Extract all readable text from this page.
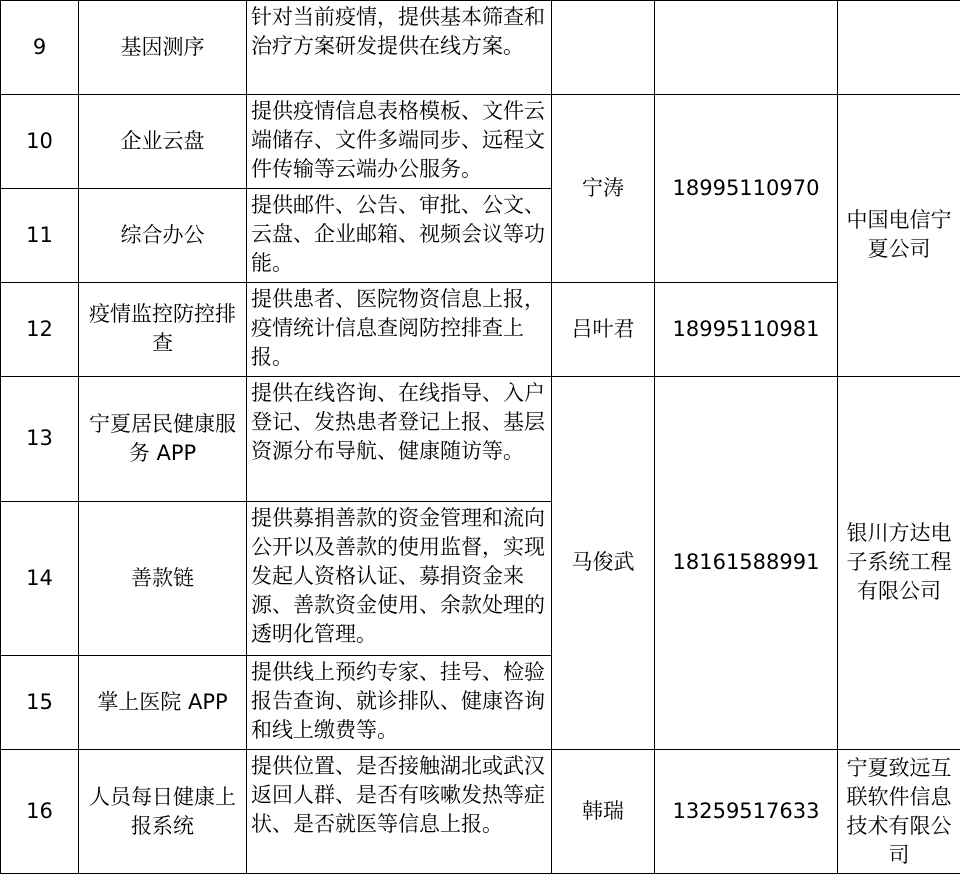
9	基因测序	针对当前疫情，提供基本筛查和治疗方案研发提供在线方案。			
10	企业云盘	提供疫情信息表格模板、文件云端储存、文件多端同步、远程文件传输等云端办公服务。	宁涛	18995110970	中国电信宁夏公司
11	综合办公	提供邮件、公告、审批、公文、云盘、企业邮箱、视频会议等功能。			
12	疫情监控防控排查	提供患者、医院物资信息上报，疫情统计信息查阅防控排查上报。	吕叶君	18995110981	
13	宁夏居民健康服务 APP	提供在线咨询、在线指导、入户登记、发热患者登记上报、基层资源分布导航、健康随访等。	马俊武	18161588991	银川方达电子系统工程有限公司
14	善款链	提供募捐善款的资金管理和流向公开以及善款的使用监督，实现发起人资格认证、募捐资金来源、善款资金使用、余款处理的透明化管理。			
15	掌上医院 APP	提供线上预约专家、挂号、检验报告查询、就诊排队、健康咨询和线上缴费等。			
16	人员每日健康上报系统	提供位置、是否接触湖北或武汉返回人群、是否有咳嗽发热等症状、是否就医等信息上报。	韩瑞	13259517633	宁夏致远互联软件信息技术有限公司
